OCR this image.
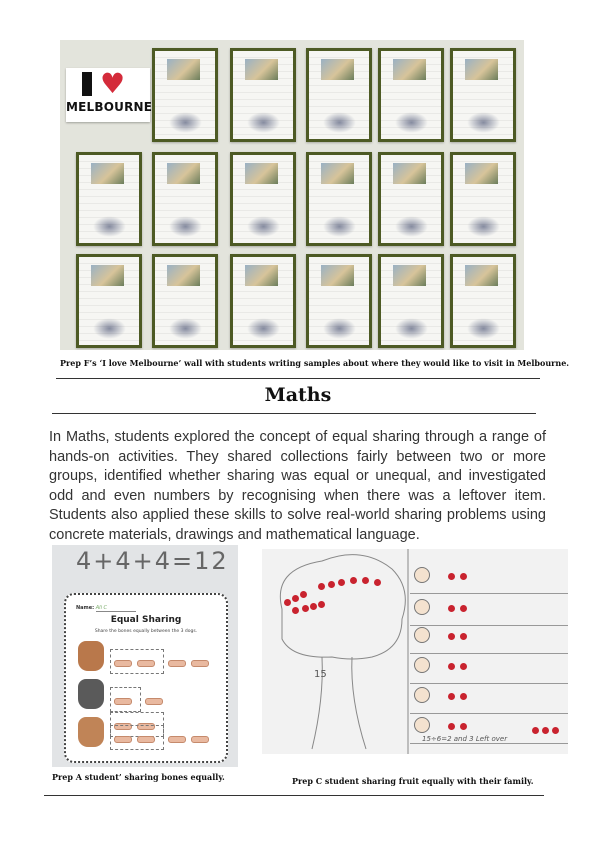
♥
MELBOURNE
Prep F’s ‘I love Melbourne’ wall with students writing samples about where they would like to visit in Melbourne.
Maths
In Maths, students explored the concept of equal sharing through a range of hands-on activities. They shared collections fairly between two or more groups, identified whether sharing was equal or unequal, and investigated odd and even numbers by recognising when there was a leftover item. Students also applied these skills to solve real-world sharing problems using concrete materials, drawings and mathematical language.
4+4+4=12
Name: Ali C
Equal Sharing
Share the bones equally between the 3 dogs.
15
15÷6=2 and 3 Left over
Prep A student’ sharing bones equally.	Prep C student sharing fruit equally with their family.
